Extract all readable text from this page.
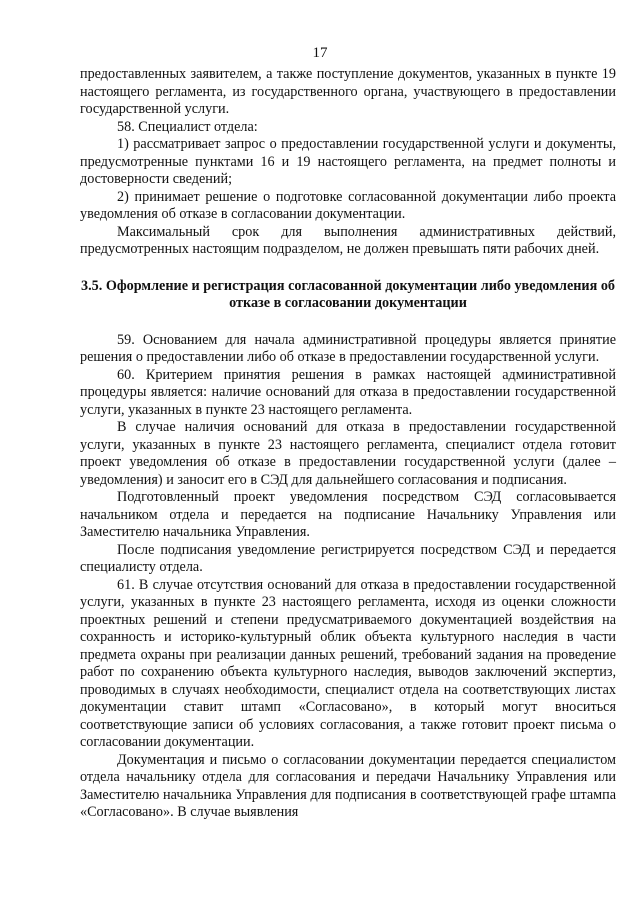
17

предоставленных заявителем, а также поступление документов, указанных в пункте 19 настоящего регламента, из государственного органа, участвующего в предоставлении государственной услуги.

58. Специалист отдела:

1) рассматривает запрос о предоставлении государственной услуги и документы, предусмотренные пунктами 16 и 19 настоящего регламента, на предмет полноты и достоверности сведений;

2) принимает решение о подготовке согласованной документации либо проекта уведомления об отказе в согласовании документации.

Максимальный срок для выполнения административных действий, предусмотренных настоящим подразделом, не должен превышать пяти рабочих дней.

3.5. Оформление и регистрация согласованной документации либо уведомления об отказе в согласовании документации

59. Основанием для начала административной процедуры является принятие решения о предоставлении либо об отказе в предоставлении государственной услуги.

60. Критерием принятия решения в рамках настоящей административной процедуры является: наличие оснований для отказа в предоставлении государственной услуги, указанных в пункте 23 настоящего регламента.

В случае наличия оснований для отказа в предоставлении государственной услуги, указанных в пункте 23 настоящего регламента, специалист отдела готовит проект уведомления об отказе в предоставлении государственной услуги (далее – уведомления) и заносит его в СЭД для дальнейшего согласования и подписания.

Подготовленный проект уведомления посредством СЭД согласовывается начальником отдела и передается на подписание Начальнику Управления или Заместителю начальника Управления.

После подписания уведомление регистрируется посредством СЭД и передается специалисту отдела.

61. В случае отсутствия оснований для отказа в предоставлении государственной услуги, указанных в пункте 23 настоящего регламента, исходя из оценки сложности проектных решений и степени предусматриваемого документацией воздействия на сохранность и историко-культурный облик объекта культурного наследия в части предмета охраны при реализации данных решений, требований задания на проведение работ по сохранению объекта культурного наследия, выводов заключений экспертиз, проводимых в случаях необходимости, специалист отдела на соответствующих листах документации ставит штамп «Согласовано», в который могут вноситься соответствующие записи об условиях согласования, а также готовит проект письма о согласовании документации.

Документация и письмо о согласовании документации передается специалистом отдела начальнику отдела для согласования и передачи Начальнику Управления или Заместителю начальника Управления для подписания в соответствующей графе штампа «Согласовано». В случае выявления
